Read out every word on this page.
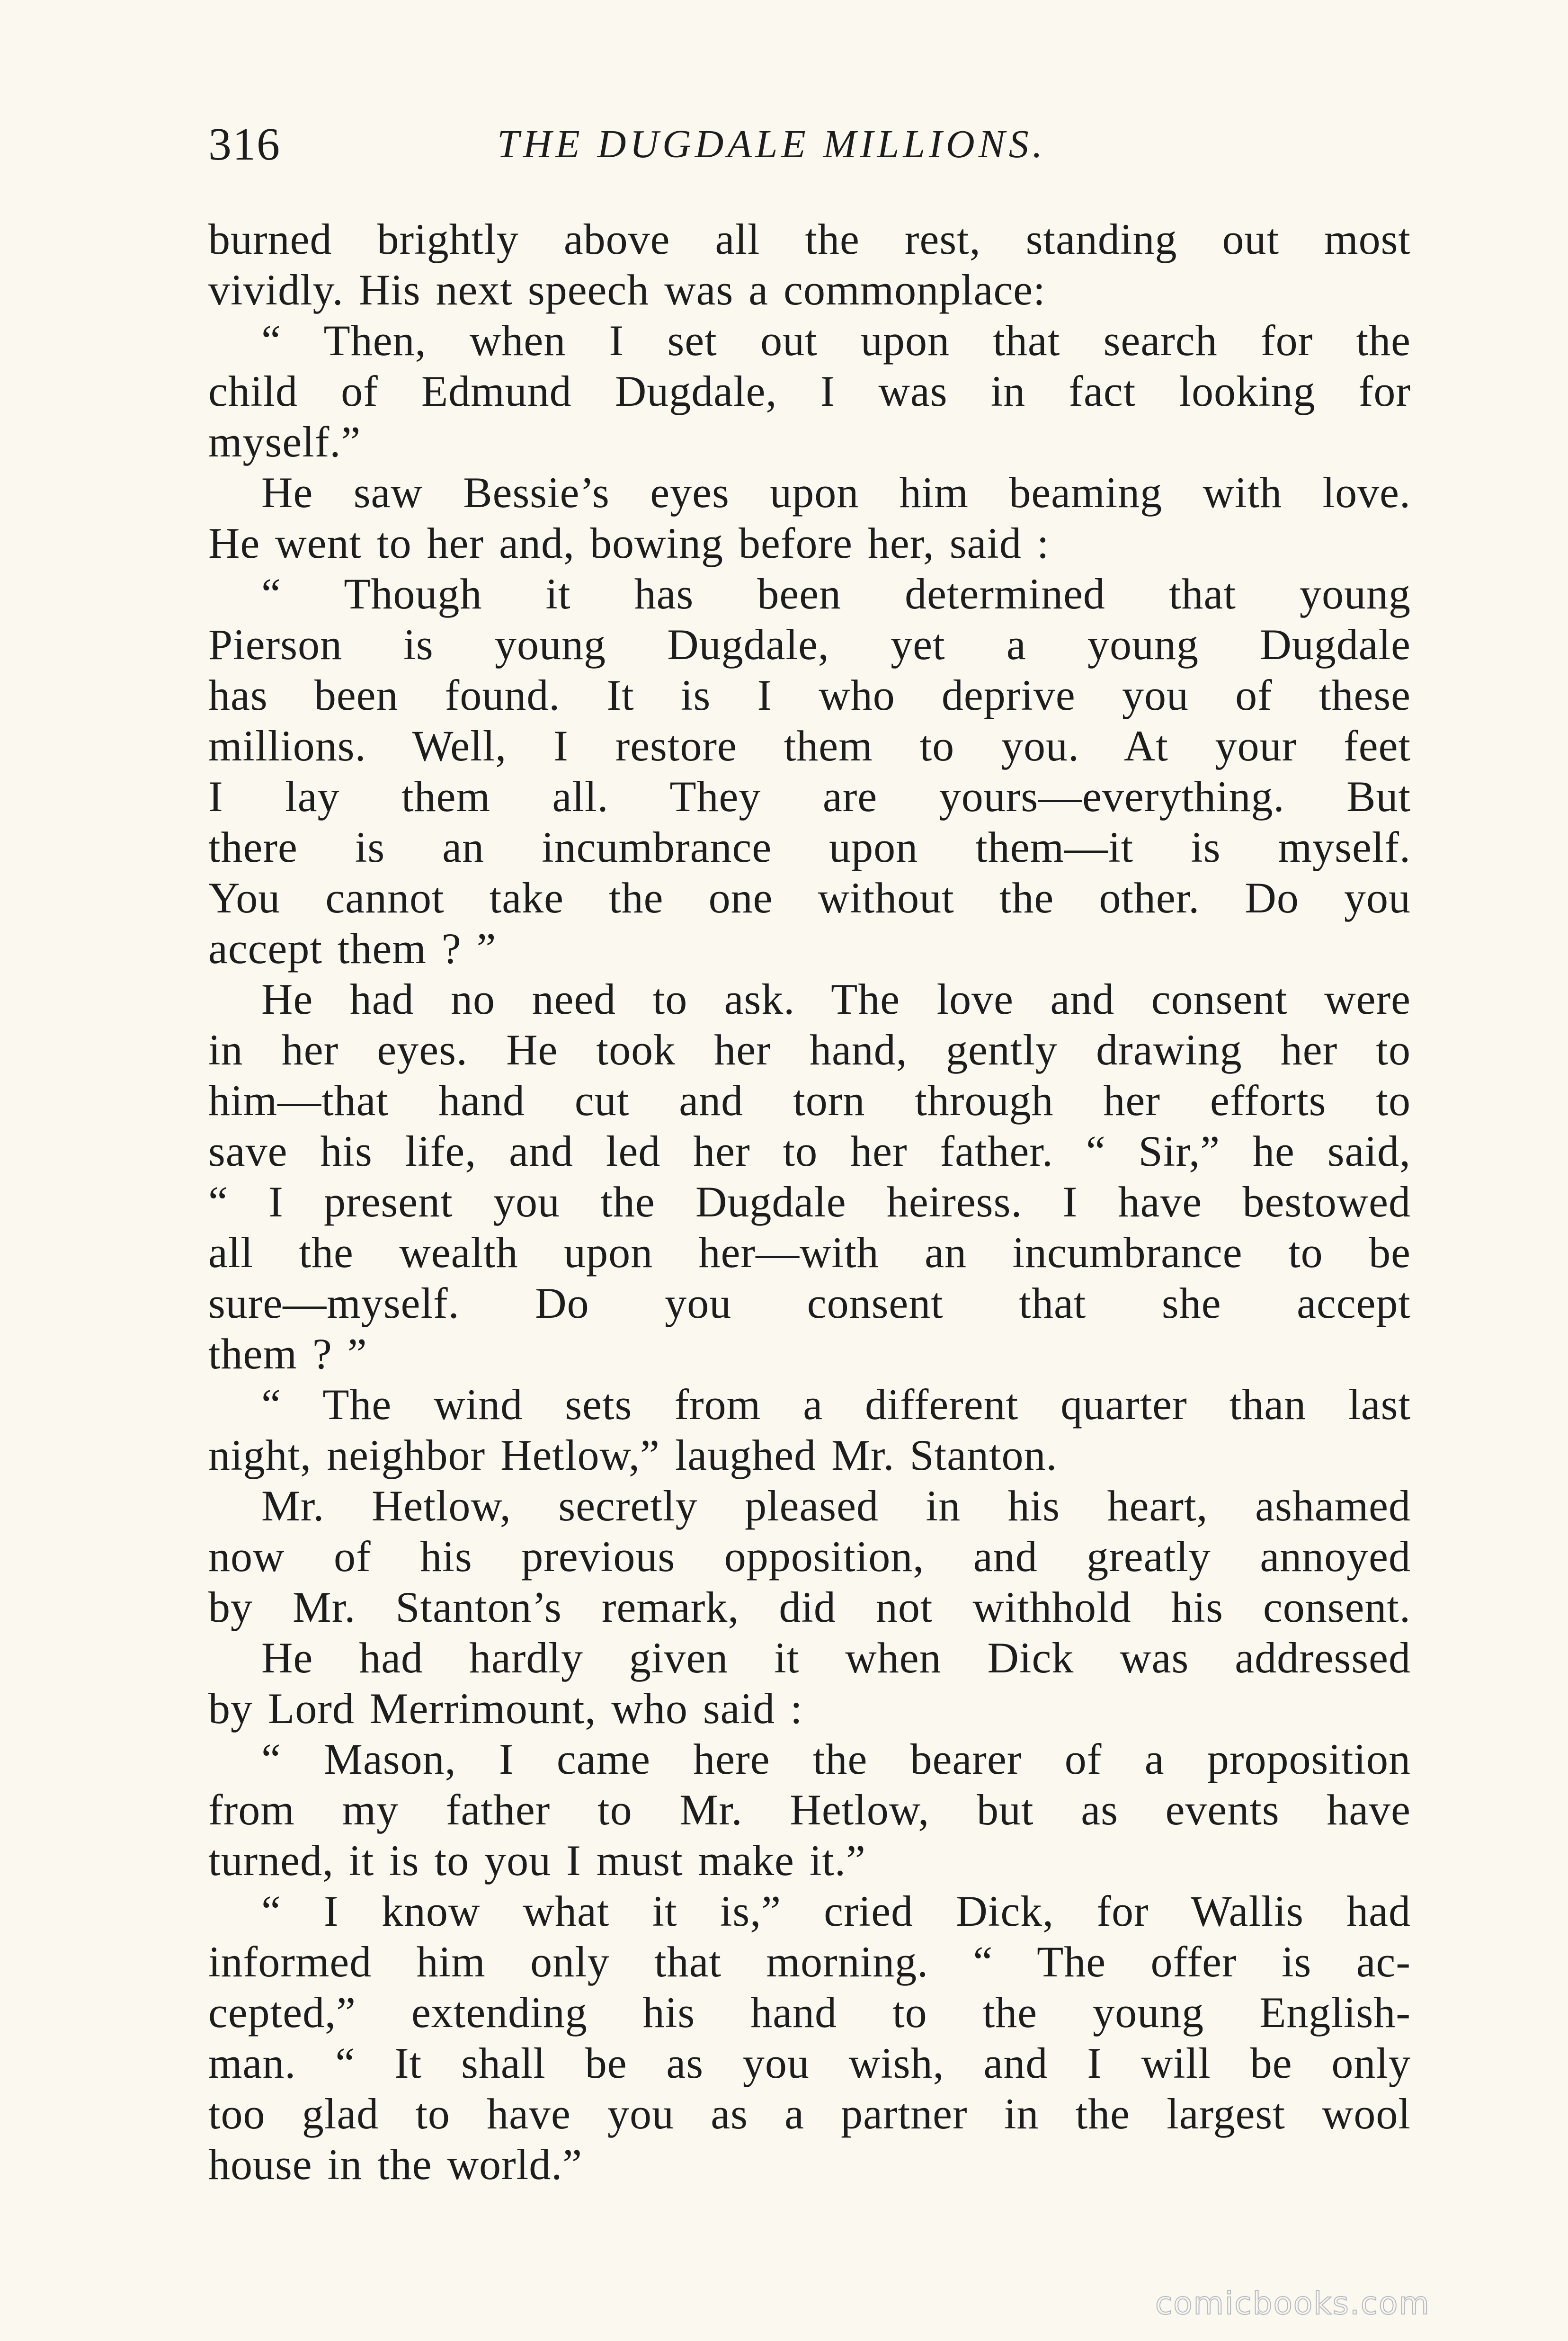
316	THE DUGDALE MILLIONS.
burned brightly above all the rest, standing out most
vividly. His next speech was a commonplace:
“ Then, when I set out upon that search for the
child of Edmund Dugdale, I was in fact looking for
myself.”
He saw Bessie’s eyes upon him beaming with love.
He went to her and, bowing before her, said :
“ Though it has been determined that young
Pierson is young Dugdale, yet a young Dugdale
has been found. It is I who deprive you of these
millions. Well, I restore them to you. At your feet
I lay them all. They are yours—everything. But
there is an incumbrance upon them—it is myself.
You cannot take the one without the other. Do you
accept them ? ”
He had no need to ask. The love and consent were
in her eyes. He took her hand, gently drawing her to
him—that hand cut and torn through her efforts to
save his life, and led her to her father. “ Sir,” he said,
“ I present you the Dugdale heiress. I have bestowed
all the wealth upon her—with an incumbrance to be
sure—myself. Do you consent that she accept
them ? ”
“ The wind sets from a different quarter than last
night, neighbor Hetlow,” laughed Mr. Stanton.
Mr. Hetlow, secretly pleased in his heart, ashamed
now of his previous opposition, and greatly annoyed
by Mr. Stanton’s remark, did not withhold his consent.
He had hardly given it when Dick was addressed
by Lord Merrimount, who said :
“ Mason, I came here the bearer of a proposition
from my father to Mr. Hetlow, but as events have
turned, it is to you I must make it.”
“ I know what it is,” cried Dick, for Wallis had
informed him only that morning. “ The offer is ac-
cepted,” extending his hand to the young English-
man. “ It shall be as you wish, and I will be only
too glad to have you as a partner in the largest wool
house in the world.”
comicbooks.com
